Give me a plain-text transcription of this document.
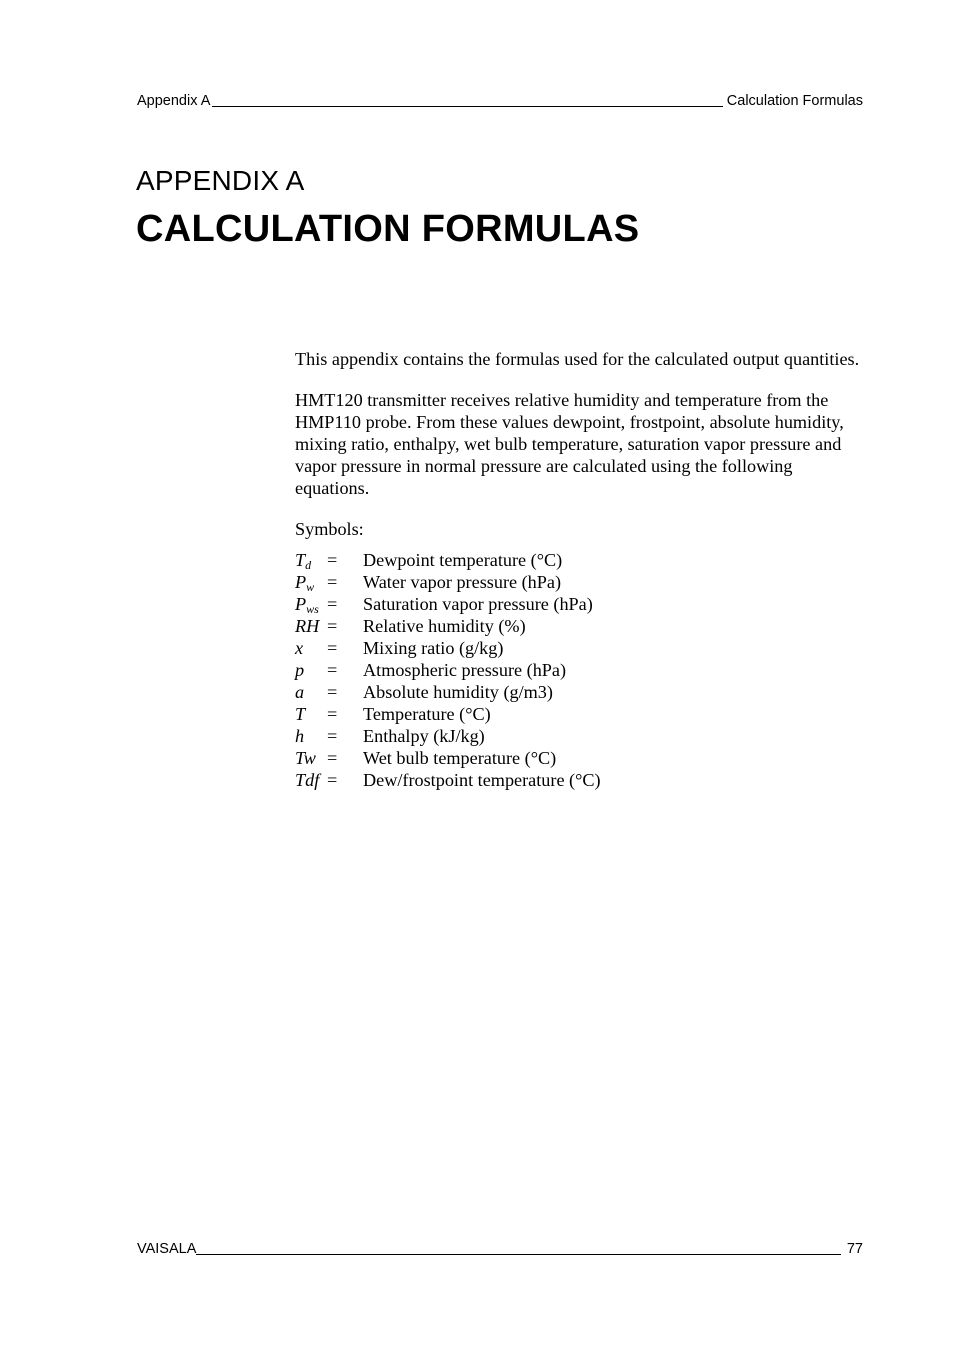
Appendix A	Calculation Formulas
APPENDIX A
CALCULATION FORMULAS

This appendix contains the formulas used for the calculated output quantities.

HMT120 transmitter receives relative humidity and temperature from the HMP110 probe. From these values dewpoint, frostpoint, absolute humidity, mixing ratio, enthalpy, wet bulb temperature, saturation vapor pressure and vapor pressure in normal pressure are calculated using the following equations.

Symbols:

$T_d$	=	Dewpoint temperature (°C)
$P_w$	=	Water vapor pressure (hPa)
$P_{ws}$	=	Saturation vapor pressure (hPa)
RH	=	Relative humidity (%)
x	=	Mixing ratio (g/kg)
p	=	Atmospheric pressure (hPa)
a	=	Absolute humidity (g/m3)
T	=	Temperature (°C)
h	=	Enthalpy (kJ/kg)
Tw	=	Wet bulb temperature (°C)
Tdf	=	Dew/frostpoint temperature (°C)
VAISALA	77
